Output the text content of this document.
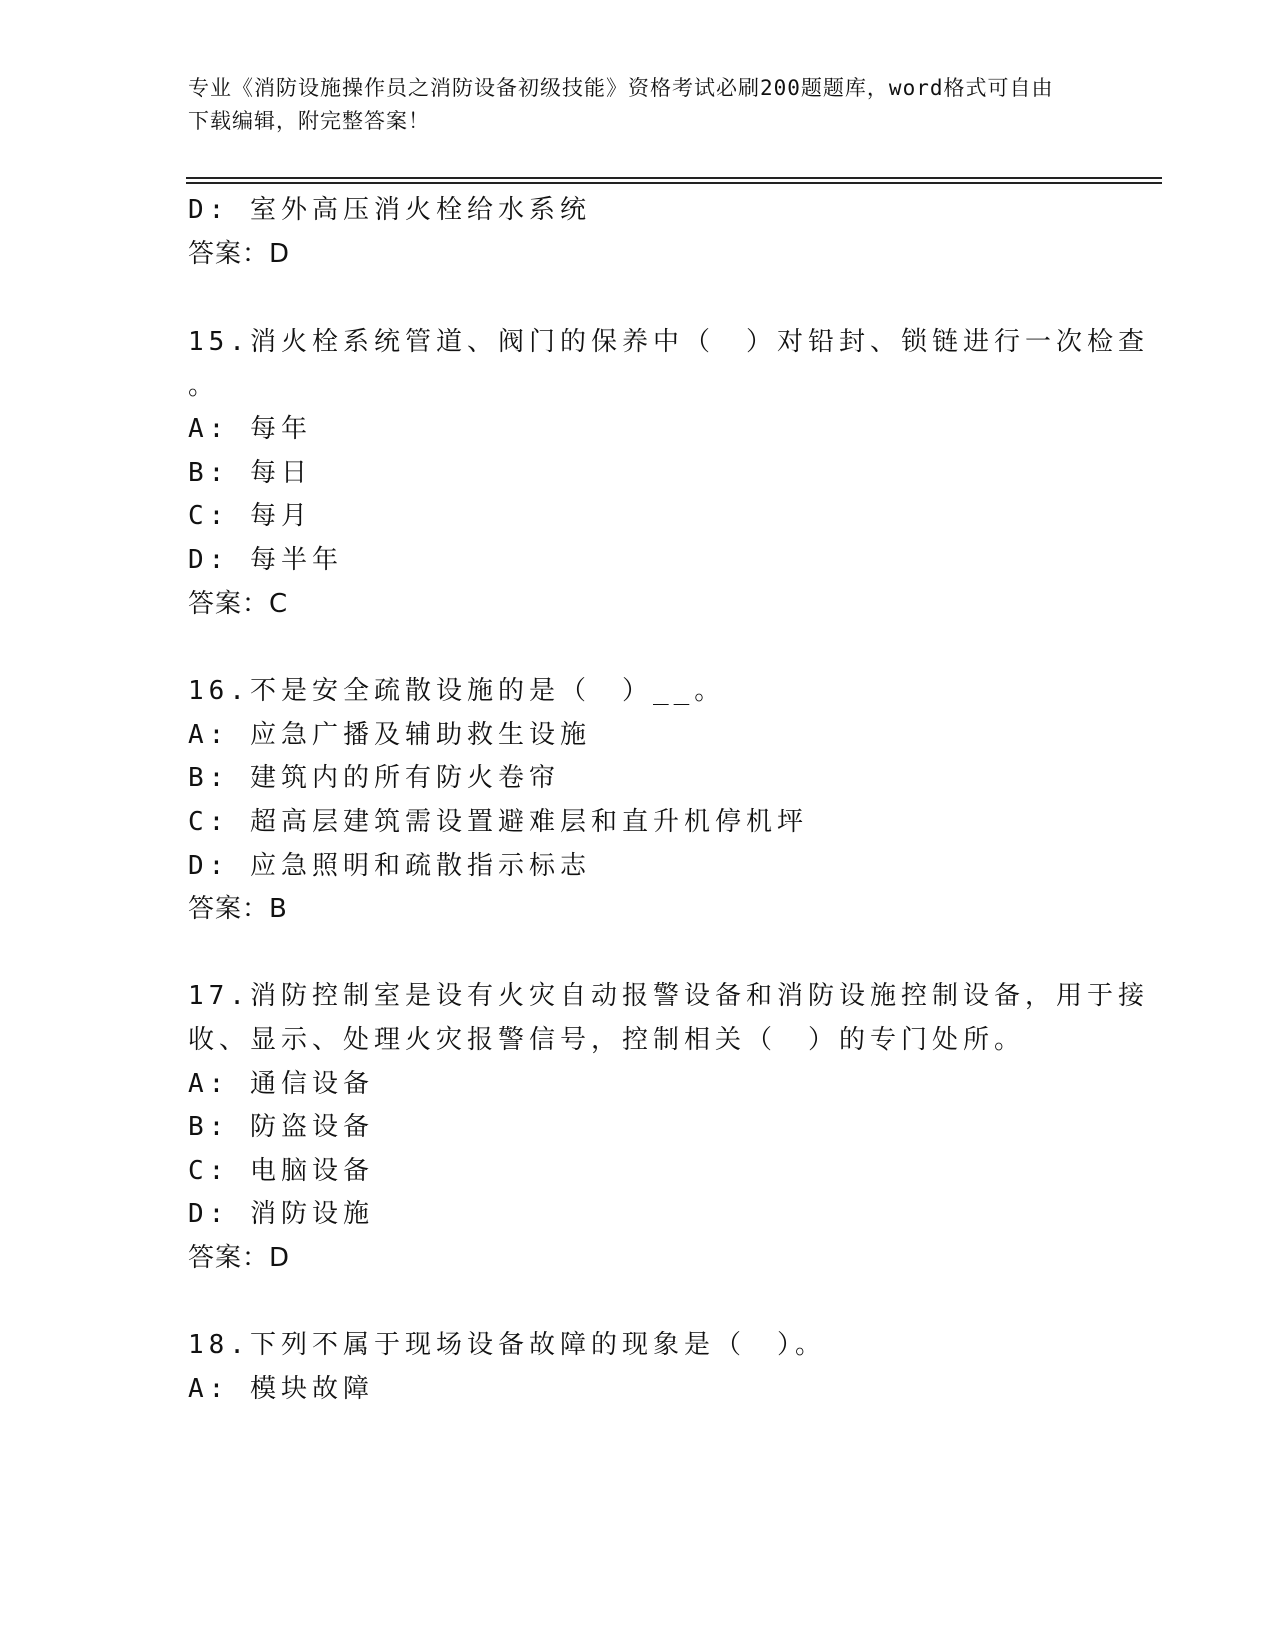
专业《消防设施操作员之消防设备初级技能》资格考试必刷200题题库，word格式可自由下载编辑，附完整答案！
D: 室外高压消火栓给水系统
答案：D
15.消火栓系统管道、阀门的保养中（　）对铅封、锁链进行一次检查
。
A: 每年
B: 每日
C: 每月
D: 每半年
答案：C
16.不是安全疏散设施的是（　）__。
A: 应急广播及辅助救生设施
B: 建筑内的所有防火卷帘
C: 超高层建筑需设置避难层和直升机停机坪
D: 应急照明和疏散指示标志
答案：B
17.消防控制室是设有火灾自动报警设备和消防设施控制设备，用于接
收、显示、处理火灾报警信号，控制相关（　）的专门处所。
A: 通信设备
B: 防盗设备
C: 电脑设备
D: 消防设施
答案：D
18.下列不属于现场设备故障的现象是（　）。
A: 模块故障
